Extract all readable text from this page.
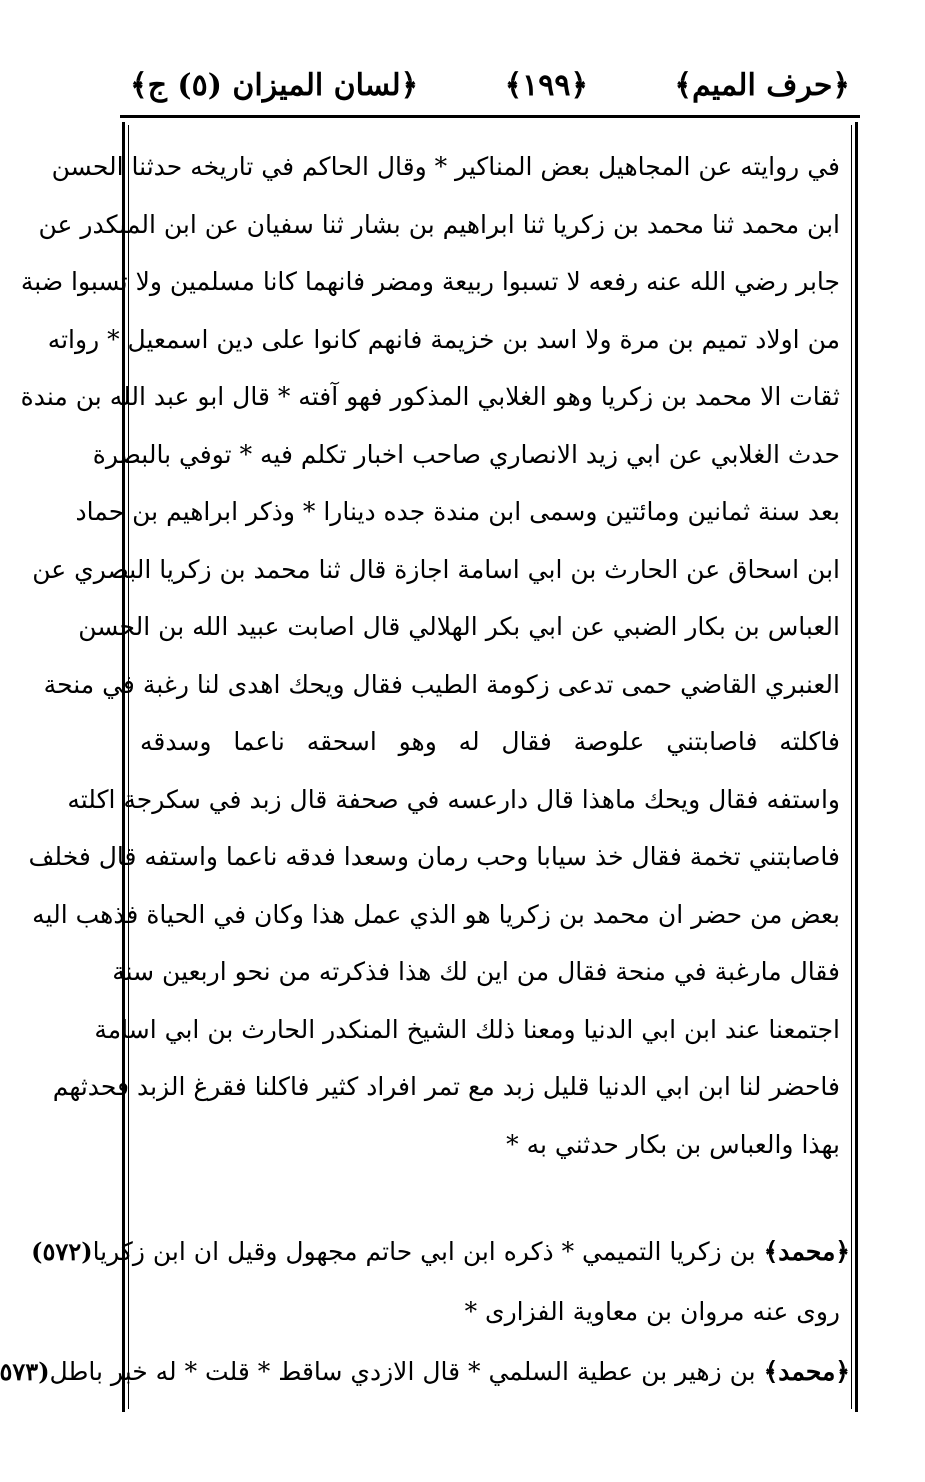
﴿حرف الميم﴾
﴿١٩٩﴾
﴿لسان الميزان (٥) ج﴾
في روايته عن المجاهيل بعض المناكير * وقال الحاكم في تاريخه حدثنا الحسن
ابن محمد ثنا محمد بن زكريا ثنا ابراهيم بن بشار ثنا سفيان عن ابن المنكدر عن
جابر رضي الله عنه رفعه لا تسبوا ربيعة ومضر فانهما كانا مسلمين ولا تسبوا ضبة
من اولاد تميم بن مرة ولا اسد بن خزيمة فانهم كانوا على دين اسمعيل * رواته
ثقات الا محمد بن زكريا وهو الغلابي المذكور فهو آفته * قال ابو عبد الله بن مندة
حدث الغلابي عن ابي زيد الانصاري صاحب اخبار تكلم فيه * توفي بالبصرة
بعد سنة ثمانين ومائتين وسمى ابن مندة جده دينارا * وذكر ابراهيم بن حماد
ابن اسحاق عن الحارث بن ابي اسامة اجازة قال ثنا محمد بن زكريا البصري عن
العباس بن بكار الضبي عن ابي بكر الهلالي قال اصابت عبيد الله بن الحسن
العنبري القاضي حمى تدعى زكومة الطيب فقال ويحك اهدى لنا رغبة في منحة
فاكلته فاصابتني علوصة فقال له وهو اسحقه ناعما وسدقه
واستفه فقال ويحك ماهذا قال دارعسه في صحفة قال زبد في سكرجة اكلته
فاصابتني تخمة فقال خذ سيابا وحب رمان وسعدا فدقه ناعما واستفه قال فخلف
بعض من حضر ان محمد بن زكريا هو الذي عمل هذا وكان في الحياة فذهب اليه
فقال مارغبة في منحة فقال من اين لك هذا فذكرته من نحو اربعين سنة
اجتمعنا عند ابن ابي الدنيا ومعنا ذلك الشيخ المنكدر الحارث بن ابي اسامة
فاحضر لنا ابن ابي الدنيا قليل زبد مع تمر افراد كثير فاكلنا فقرغ الزبد فحدثهم
بهذا والعباس بن بكار حدثني به *
﴿محمد﴾ بن زكريا التميمي * ذكره ابن ابي حاتم مجهول وقيل ان ابن زكريا
(٥٧٢)
روى عنه مروان بن معاوية الفزارى *
﴿محمد﴾ بن زهير بن عطية السلمي * قال الازدي ساقط * قلت * له خبر باطل
(٥٧٣
